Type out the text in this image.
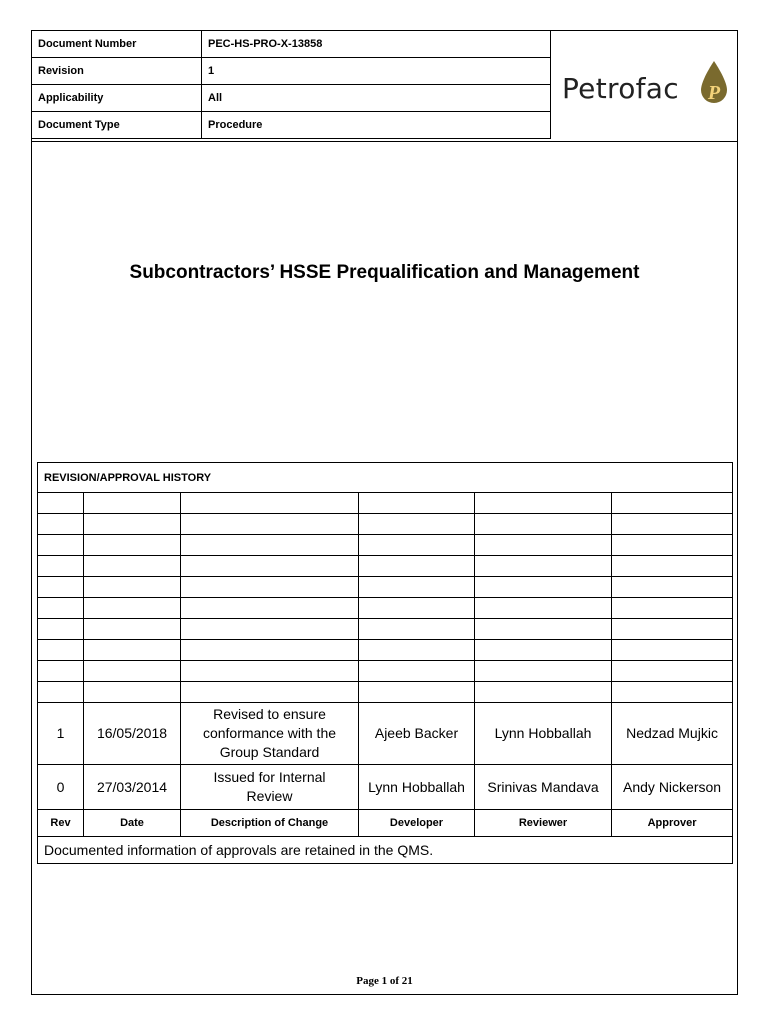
Document Number	PEC-HS-PRO-X-13858
Revision	1
Applicability	All
Document Type	Procedure
Petrofac P
Subcontractors’ HSSE Prequalification and Management
REVISION/APPROVAL HISTORY					

1	16/05/2018	Revised to ensure
conformance with the
Group Standard	Ajeeb Backer	Lynn Hobballah	Nedzad Mujkic
0	27/03/2014	Issued for Internal
Review	Lynn Hobballah	Srinivas Mandava	Andy Nickerson
Rev	Date	Description of Change	Developer	Reviewer	Approver
Documented information of approvals are retained in the QMS.					
Page 1 of 21
